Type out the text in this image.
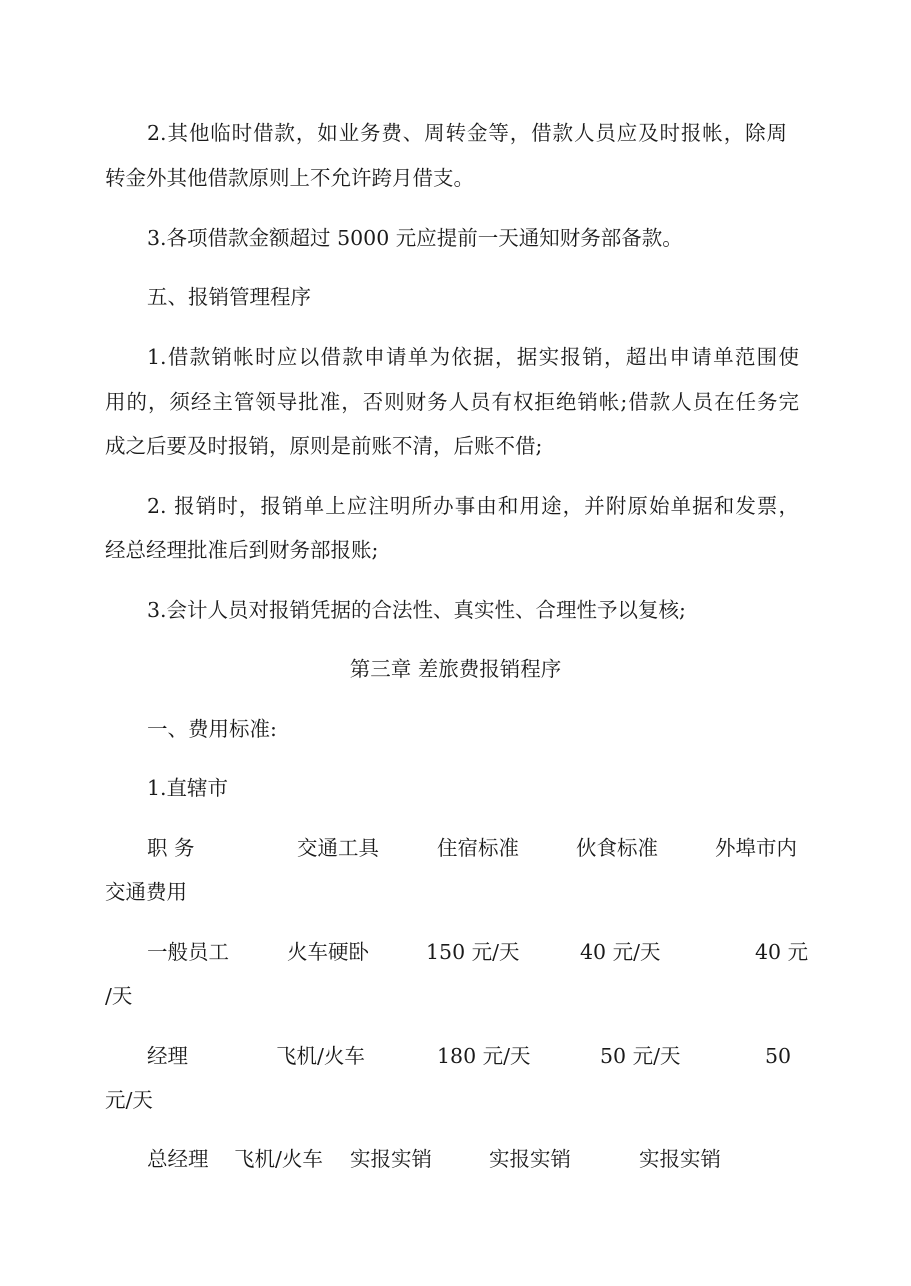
2.其他临时借款，如业务费、周转金等，借款人员应及时报帐，除周
转金外其他借款原则上不允许跨月借支。
3.各项借款金额超过 5000 元应提前一天通知财务部备款。
五、报销管理程序
1.借款销帐时应以借款申请单为依据，据实报销，超出申请单范围使
用的，须经主管领导批准，否则财务人员有权拒绝销帐;借款人员在任务完
成之后要及时报销，原则是前账不清，后账不借;
2. 报销时，报销单上应注明所办事由和用途，并附原始单据和发票，
经总经理批准后到财务部报账;
3.会计人员对报销凭据的合法性、真实性、合理性予以复核;
第三章 差旅费报销程序
一、费用标准:
1.直辖市
职 务	交通工具	住宿标准	伙食标准	外埠市内
交通费用
一般员工	火车硬卧	150 元/天	40 元/天	40 元
/天
经理	飞机/火车	180 元/天	50 元/天	50
元/天
总经理 飞机/火车 实报实销	实报实销	实报实销
